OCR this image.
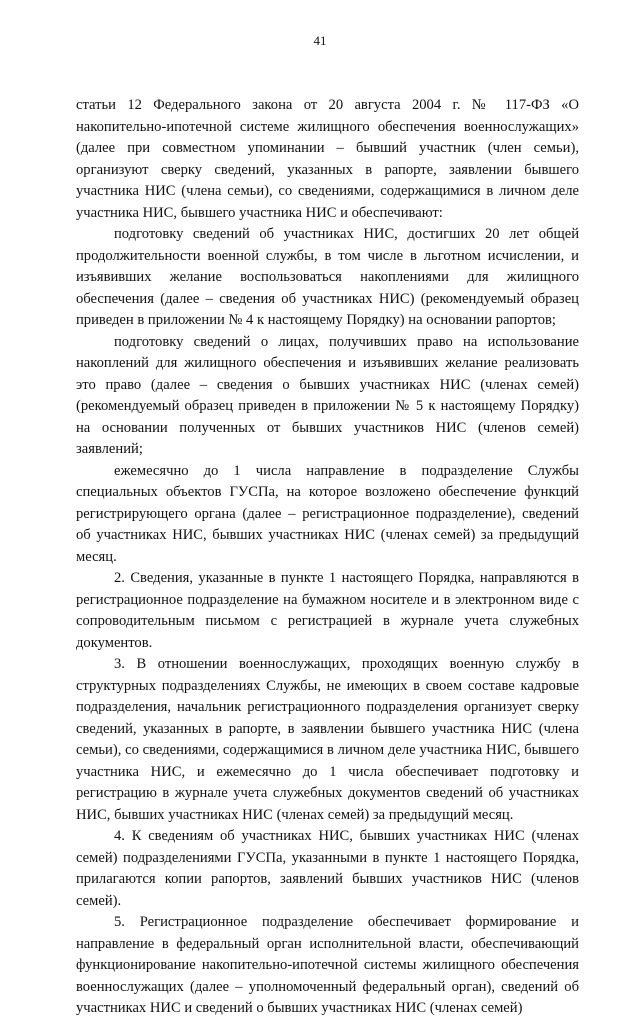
41

статьи 12 Федерального закона от 20 августа 2004 г. № 117-ФЗ «О накопительно-ипотечной системе жилищного обеспечения военнослужащих» (далее при совместном упоминании – бывший участник (член семьи), организуют сверку сведений, указанных в рапорте, заявлении бывшего участника НИС (члена семьи), со сведениями, содержащимися в личном деле участника НИС, бывшего участника НИС и обеспечивают:

подготовку сведений об участниках НИС, достигших 20 лет общей продолжительности военной службы, в том числе в льготном исчислении, и изъявивших желание воспользоваться накоплениями для жилищного обеспечения (далее – сведения об участниках НИС) (рекомендуемый образец приведен в приложении № 4 к настоящему Порядку) на основании рапортов;

подготовку сведений о лицах, получивших право на использование накоплений для жилищного обеспечения и изъявивших желание реализовать это право (далее – сведения о бывших участниках НИС (членах семей) (рекомендуемый образец приведен в приложении № 5 к настоящему Порядку) на основании полученных от бывших участников НИС (членов семей) заявлений;

ежемесячно до 1 числа направление в подразделение Службы специальных объектов ГУСПа, на которое возложено обеспечение функций регистрирующего органа (далее – регистрационное подразделение), сведений об участниках НИС, бывших участниках НИС (членах семей) за предыдущий месяц.

2. Сведения, указанные в пункте 1 настоящего Порядка, направляются в регистрационное подразделение на бумажном носителе и в электронном виде с сопроводительным письмом с регистрацией в журнале учета служебных документов.

3. В отношении военнослужащих, проходящих военную службу в структурных подразделениях Службы, не имеющих в своем составе кадровые подразделения, начальник регистрационного подразделения организует сверку сведений, указанных в рапорте, в заявлении бывшего участника НИС (члена семьи), со сведениями, содержащимися в личном деле участника НИС, бывшего участника НИС, и ежемесячно до 1 числа обеспечивает подготовку и регистрацию в журнале учета служебных документов сведений об участниках НИС, бывших участниках НИС (членах семей) за предыдущий месяц.

4. К сведениям об участниках НИС, бывших участниках НИС (членах семей) подразделениями ГУСПа, указанными в пункте 1 настоящего Порядка, прилагаются копии рапортов, заявлений бывших участников НИС (членов семей).

5. Регистрационное подразделение обеспечивает формирование и направление в федеральный орган исполнительной власти, обеспечивающий функционирование накопительно-ипотечной системы жилищного обеспечения военнослужащих (далее – уполномоченный федеральный орган), сведений об участниках НИС и сведений о бывших участниках НИС (членах семей)
